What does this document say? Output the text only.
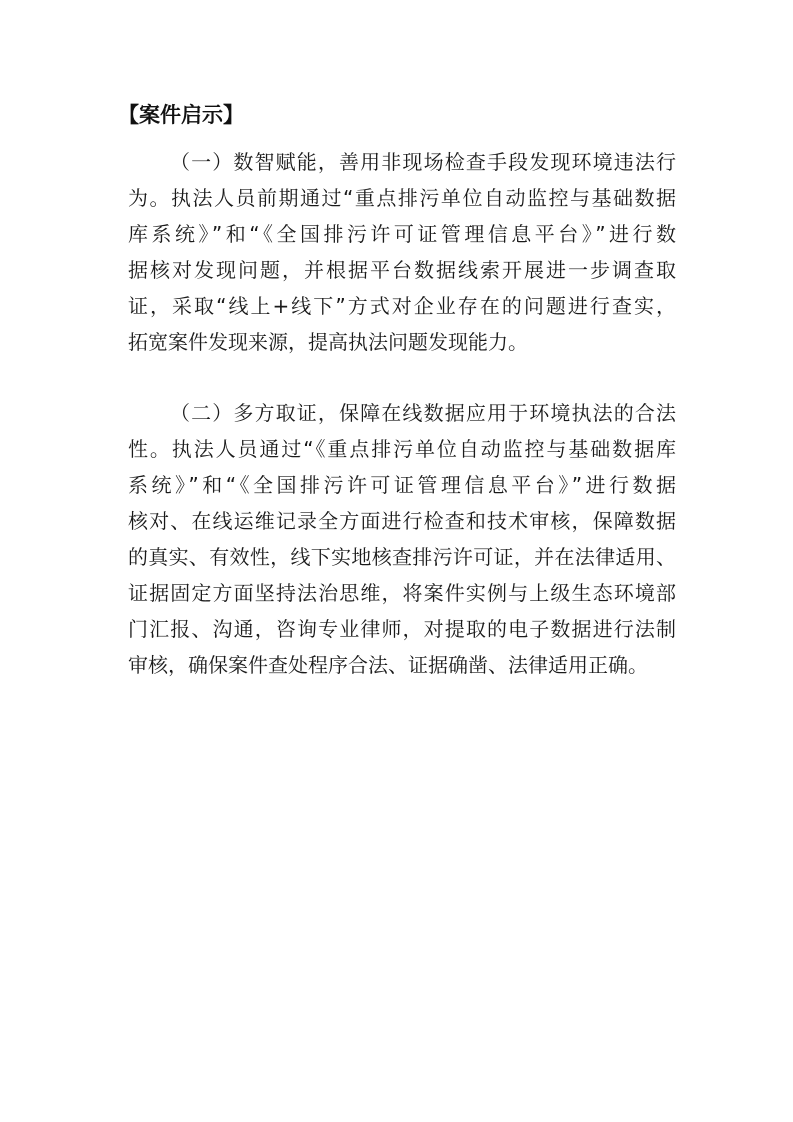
【案件启示】
（一）数智赋能，善用非现场检查手段发现环境违法行
为。执法人员前期通过“重点排污单位自动监控与基础数据
库系统》”和“《全国排污许可证管理信息平台》”进行数
据核对发现问题，并根据平台数据线索开展进一步调查取
证，采取“线上+线下”方式对企业存在的问题进行查实，
拓宽案件发现来源，提高执法问题发现能力。
（二）多方取证，保障在线数据应用于环境执法的合法
性。执法人员通过“《重点排污单位自动监控与基础数据库
系统》”和“《全国排污许可证管理信息平台》”进行数据
核对、在线运维记录全方面进行检查和技术审核，保障数据
的真实、有效性，线下实地核查排污许可证，并在法律适用、
证据固定方面坚持法治思维，将案件实例与上级生态环境部
门汇报、沟通，咨询专业律师，对提取的电子数据进行法制
审核，确保案件查处程序合法、证据确凿、法律适用正确。
